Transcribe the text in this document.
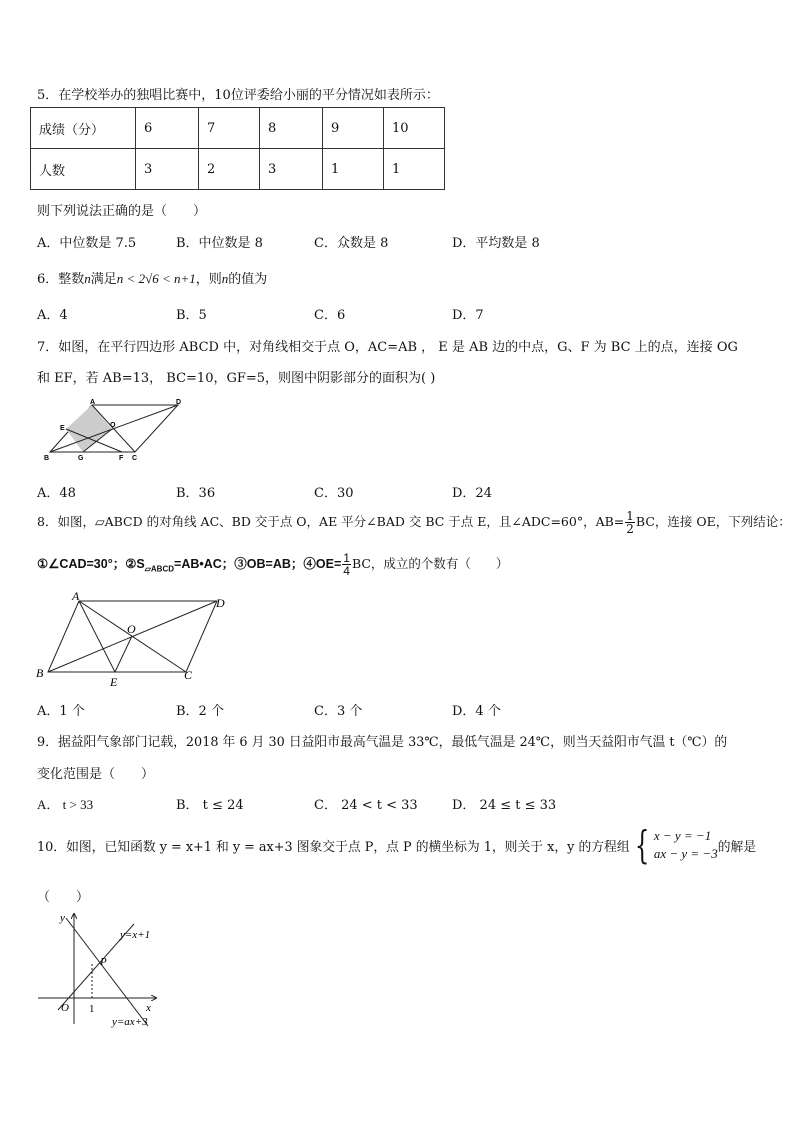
5．在学校举办的独唱比赛中，10位评委给小丽的平分情况如表所示：
成绩（分）	6	7	8	9	10
人数	3	2	3	1	1
则下列说法正确的是（　　）
A．中位数是 7.5	B．中位数是 8	C．众数是 8	D．平均数是 8
6．整数n满足n < 2√6 < n+1，则n的值为
A．4	B．5	C．6	D．7
7．如图，在平行四边形 ABCD 中，对角线相交于点 O，AC=AB ， E 是 AB 边的中点，G、F 为 BC 上的点，连接 OG
和 EF，若 AB=13， BC=10，GF=5，则图中阴影部分的面积为( )
A	D
E	O
B	G	F C
A．48	B．36	C．30	D．24
8．如图，▱ABCD 的对角线 AC、BD 交于点 O，AE 平分∠BAD 交 BC 于点 E，且∠ADC=60°，$AB= \frac{1}{2}$ BC，连接 OE，下列结论：
①∠CAD=30°；$②S_{▱ABCD}=AB•AC$；③OB=AB；④OE= $\frac{1}{4}$ BC，成立的个数有（　　）
A	D
O
B
E	C
A．1 个	B．2 个	C．3 个	D．4 个
9．据益阳气象部门记载，2018 年 6 月 30 日益阳市最高气温是 33℃，最低气温是 24℃，则当天益阳市气温 t（℃）的
变化范围是（　　）
A． t > 33	B． t ≤ 24	C． 24 < t < 33	D． 24 ≤ t ≤ 33
10．如图，已知函数 y = x+1 和 y = ax+3 图象交于点 P，点 P 的横坐标为 1，则关于 x，y 的方程组 { x − y = −1
ax − y = −3 的解是
（　　）
y
x
O 1
P
y=x+1
y=ax+3
